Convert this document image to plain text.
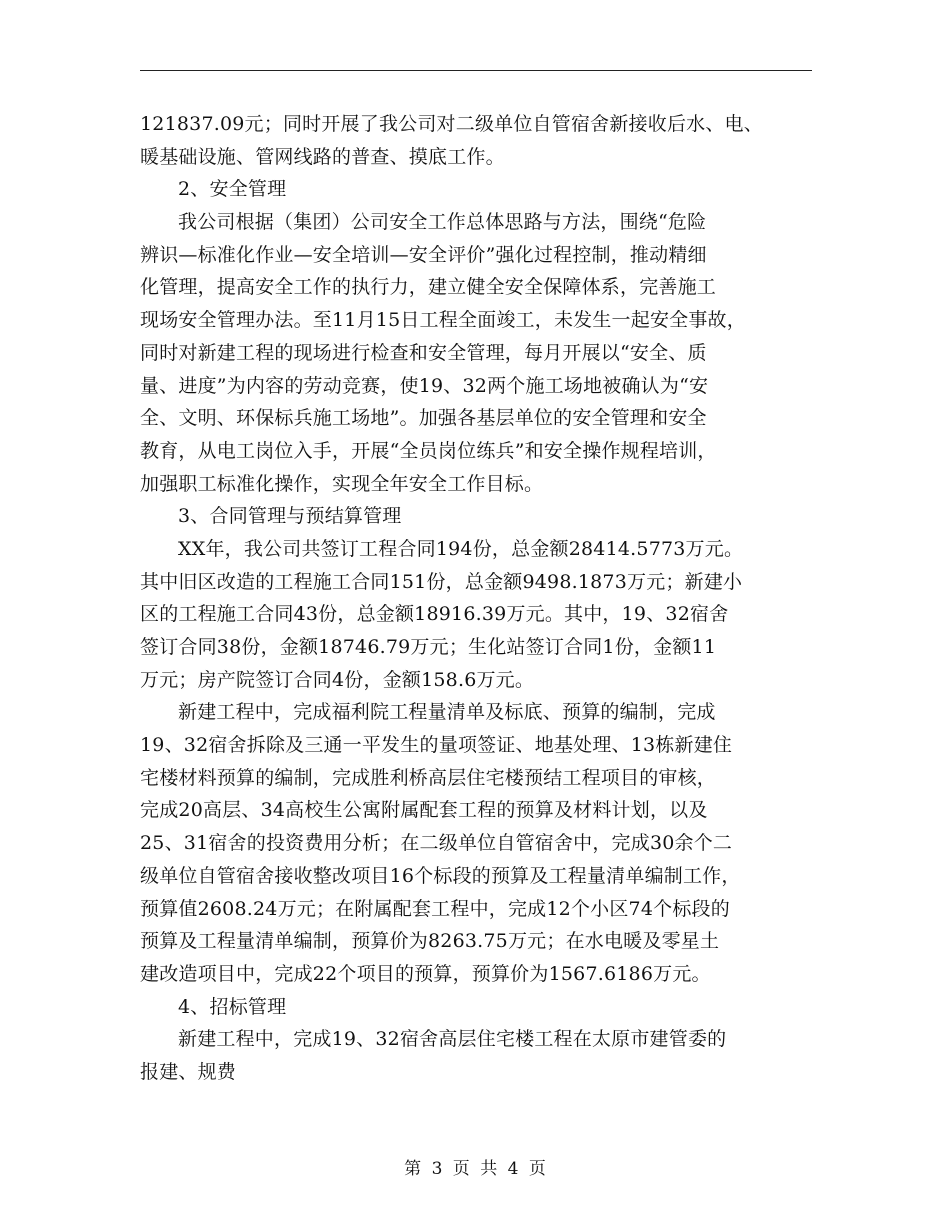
121837.09元；同时开展了我公司对二级单位自管宿舍新接收后水、电、
暖基础设施、管网线路的普查、摸底工作。
2、安全管理
我公司根据（集团）公司安全工作总体思路与方法，围绕“危险
辨识—标准化作业—安全培训—安全评价”强化过程控制，推动精细
化管理，提高安全工作的执行力，建立健全安全保障体系，完善施工
现场安全管理办法。至11月15日工程全面竣工，未发生一起安全事故，
同时对新建工程的现场进行检查和安全管理，每月开展以“安全、质
量、进度”为内容的劳动竞赛，使19、32两个施工场地被确认为“安
全、文明、环保标兵施工场地”。加强各基层单位的安全管理和安全
教育，从电工岗位入手，开展“全员岗位练兵”和安全操作规程培训，
加强职工标准化操作，实现全年安全工作目标。
3、合同管理与预结算管理
XX年，我公司共签订工程合同194份，总金额28414.5773万元。
其中旧区改造的工程施工合同151份，总金额9498.1873万元；新建小
区的工程施工合同43份，总金额18916.39万元。其中，19、32宿舍
签订合同38份，金额18746.79万元；生化站签订合同1份，金额11
万元；房产院签订合同4份，金额158.6万元。
新建工程中，完成福利院工程量清单及标底、预算的编制，完成
19、32宿舍拆除及三通一平发生的量项签证、地基处理、13栋新建住
宅楼材料预算的编制，完成胜利桥高层住宅楼预结工程项目的审核，
完成20高层、34高校生公寓附属配套工程的预算及材料计划，以及
25、31宿舍的投资费用分析；在二级单位自管宿舍中，完成30余个二
级单位自管宿舍接收整改项目16个标段的预算及工程量清单编制工作，
预算值2608.24万元；在附属配套工程中，完成12个小区74个标段的
预算及工程量清单编制，预算价为8263.75万元；在水电暖及零星土
建改造项目中，完成22个项目的预算，预算价为1567.6186万元。
4、招标管理
新建工程中，完成19、32宿舍高层住宅楼工程在太原市建管委的
报建、规费
第 3 页 共 4 页
